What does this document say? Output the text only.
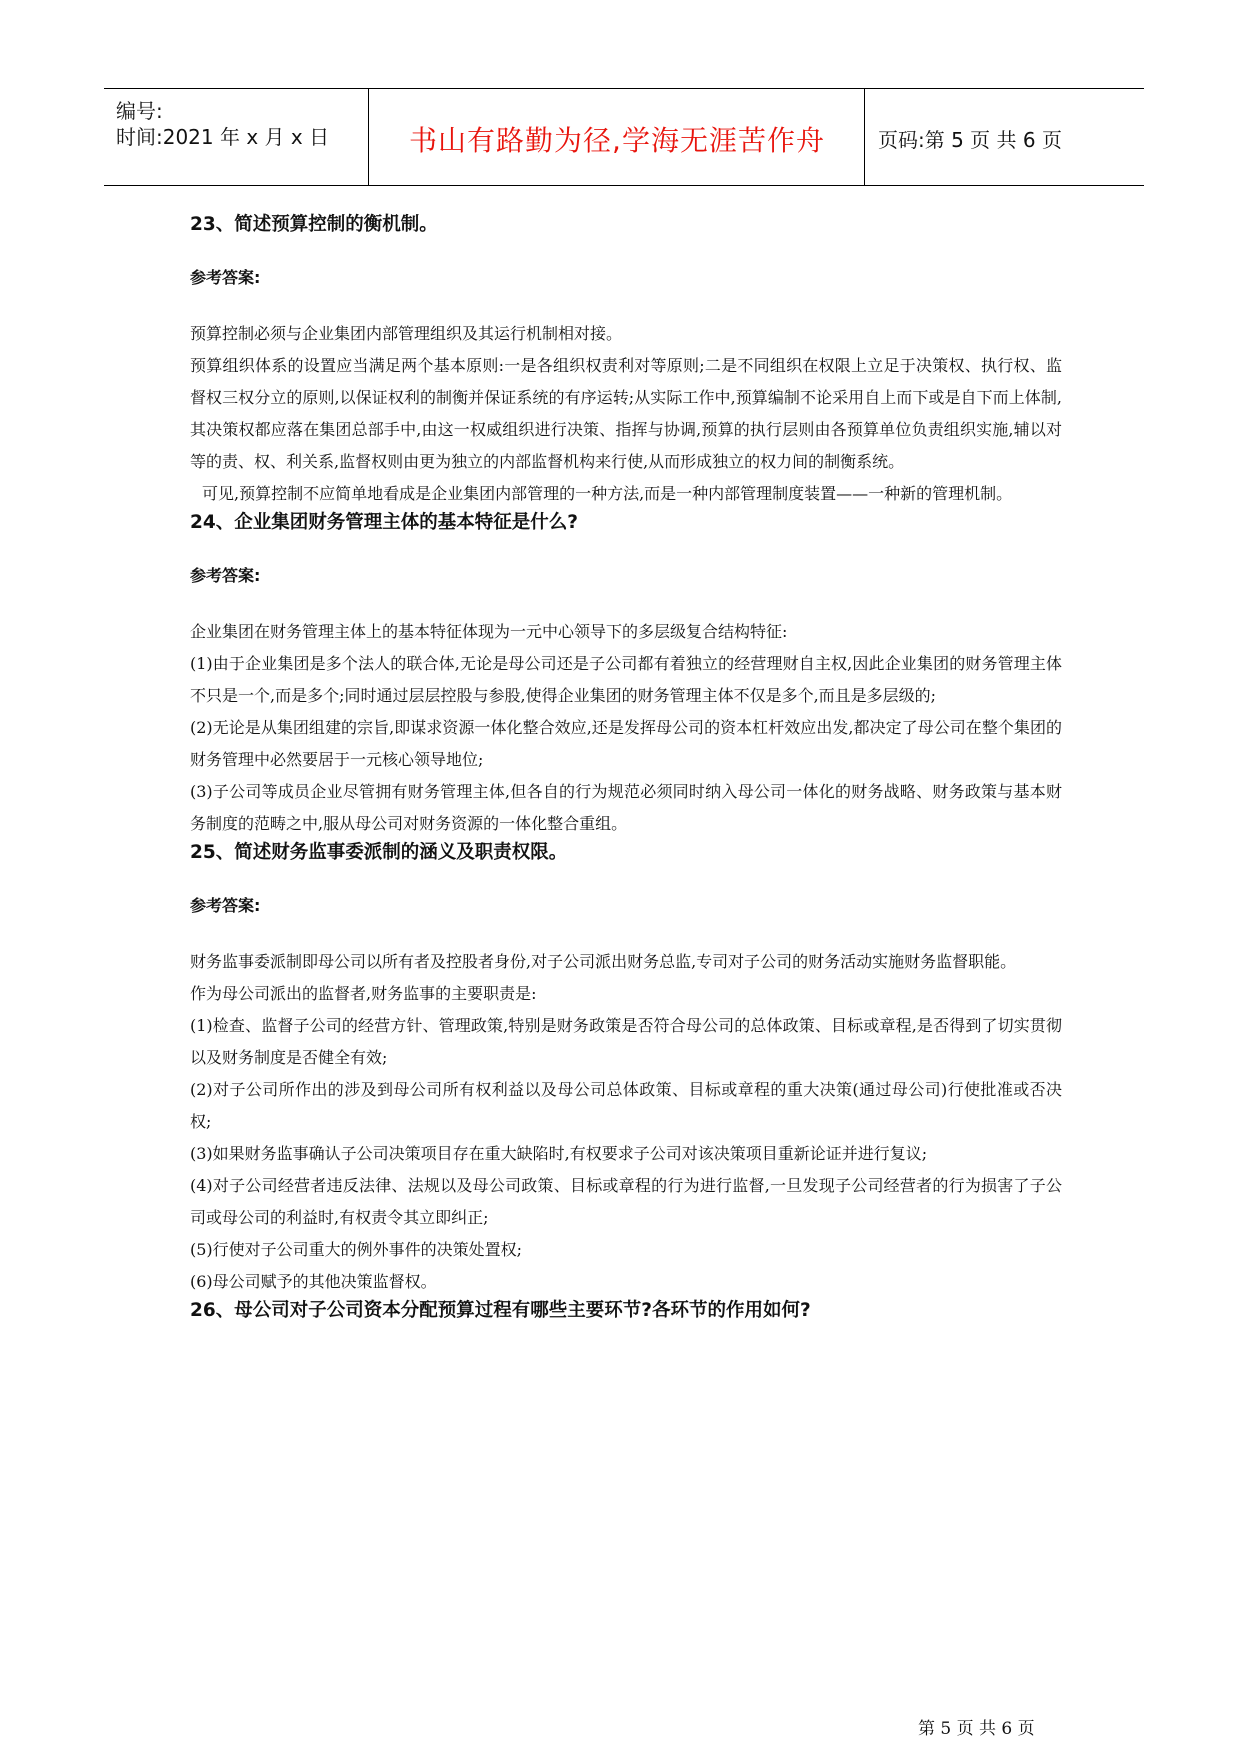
编号:
时间:2021 年 x 月 x 日	书山有路勤为径,学海无涯苦作舟	页码:第 5 页 共 6 页

23、简述预算控制的衡机制。

参考答案:

预算控制必须与企业集团内部管理组织及其运行机制相对接。

预算组织体系的设置应当满足两个基本原则:一是各组织权责利对等原则;二是不同组织在权限上立足于决策权、执行权、监督权三权分立的原则,以保证权利的制衡并保证系统的有序运转;从实际工作中,预算编制不论采用自上而下或是自下而上体制,其决策权都应落在集团总部手中,由这一权威组织进行决策、指挥与协调,预算的执行层则由各预算单位负责组织实施,辅以对等的责、权、利关系,监督权则由更为独立的内部监督机构来行使,从而形成独立的权力间的制衡系统。

可见,预算控制不应简单地看成是企业集团内部管理的一种方法,而是一种内部管理制度装置——一种新的管理机制。

24、企业集团财务管理主体的基本特征是什么?

参考答案:

企业集团在财务管理主体上的基本特征体现为一元中心领导下的多层级复合结构特征:

(1)由于企业集团是多个法人的联合体,无论是母公司还是子公司都有着独立的经营理财自主权,因此企业集团的财务管理主体不只是一个,而是多个;同时通过层层控股与参股,使得企业集团的财务管理主体不仅是多个,而且是多层级的;

(2)无论是从集团组建的宗旨,即谋求资源一体化整合效应,还是发挥母公司的资本杠杆效应出发,都决定了母公司在整个集团的财务管理中必然要居于一元核心领导地位;

(3)子公司等成员企业尽管拥有财务管理主体,但各自的行为规范必须同时纳入母公司一体化的财务战略、财务政策与基本财务制度的范畴之中,服从母公司对财务资源的一体化整合重组。

25、简述财务监事委派制的涵义及职责权限。

参考答案:

财务监事委派制即母公司以所有者及控股者身份,对子公司派出财务总监,专司对子公司的财务活动实施财务监督职能。

作为母公司派出的监督者,财务监事的主要职责是:

(1)检查、监督子公司的经营方针、管理政策,特别是财务政策是否符合母公司的总体政策、目标或章程,是否得到了切实贯彻以及财务制度是否健全有效;

(2)对子公司所作出的涉及到母公司所有权利益以及母公司总体政策、目标或章程的重大决策(通过母公司)行使批准或否决权;

(3)如果财务监事确认子公司决策项目存在重大缺陷时,有权要求子公司对该决策项目重新论证并进行复议;

(4)对子公司经营者违反法律、法规以及母公司政策、目标或章程的行为进行监督,一旦发现子公司经营者的行为损害了子公司或母公司的利益时,有权责令其立即纠正;

(5)行使对子公司重大的例外事件的决策处置权;

(6)母公司赋予的其他决策监督权。

26、母公司对子公司资本分配预算过程有哪些主要环节?各环节的作用如何?

第 5 页 共 6 页
